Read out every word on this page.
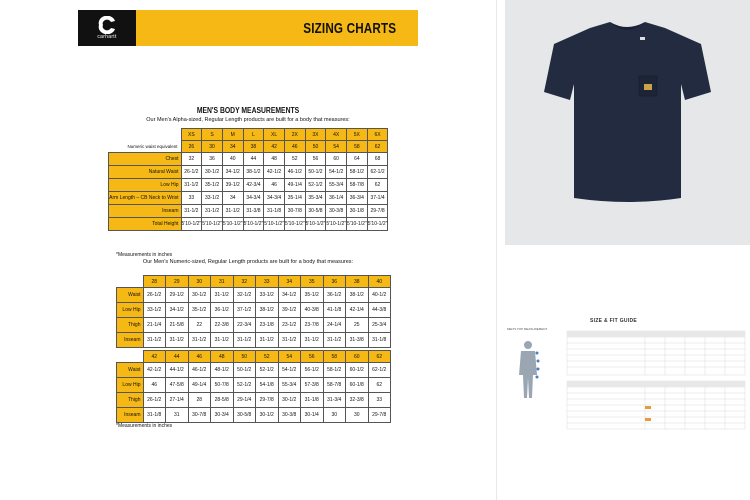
carhartt
SIZING CHARTS
MEN'S BODY MEASUREMENTS
Our Men's Alpha-sized, Regular Length products are built for a body that measures:
	XS	S	M	L	XL	2X	3X	4X	5X	6X
Numeric waist equivalent	26	30	34	38	42	46	50	54	58	62
Chest	32	36	40	44	48	52	56	60	64	68
Natural Waist	26-1/2	30-1/2	34-1/2	38-1/2	42-1/2	46-1/2	50-1/2	54-1/2	58-1/2	62-1/2
Low Hip	31-1/2	35-1/2	39-1/2	42-3/4	46	49-1/4	52-1/2	55-3/4	58-7/8	62
Arm Length – CB Neck to Wrist	33	33-1/2	34	34-3/4	34-3/4	35-1/4	35-3/4	36-1/4	36-3/4	37-1/4
Inseam	31-1/2	31-1/2	31-1/2	31-3/8	31-1/8	30-7/8	30-5/8	30-3/8	30-1/8	29-7/8
Total Height	5'10-1/2"	5'10-1/2"	5'10-1/2"	5'10-1/2"	5'10-1/2"	5'10-1/2"	5'10-1/2"	5'10-1/2"	5'10-1/2"	5'10-1/2"
*Measurements in inches
Our Men's Numeric-sized, Regular Length products are built for a body that measures:
	28	29	30	31	32	33	34	35	36	38	40
Waist	26-1/2	29-1/2	30-1/2	31-1/2	32-1/2	33-1/2	34-1/2	35-1/2	36-1/2	38-1/2	40-1/2
Low Hip	33-1/2	34-1/2	35-1/2	36-1/2	37-1/2	38-1/2	39-1/2	40-3/8	41-1/8	42-1/4	44-3/8
Thigh	21-1/4	21-5/8	22	22-3/8	22-3/4	23-1/8	23-1/2	23-7/8	24-1/4	25	25-3/4
Inseam	31-1/2	31-1/2	31-1/2	31-1/2	31-1/2	31-1/2	31-1/2	31-1/2	31-1/2	31-3/8	31-1/8
	42	44	46	48	50	52	54	56	58	60	62
Waist	42-1/2	44-1/2	46-1/2	48-1/2	50-1/2	52-1/2	54-1/2	56-1/2	58-1/2	60-1/2	62-1/2
Low Hip	46	47-5/8	49-1/4	50-7/8	52-1/2	54-1/8	55-3/4	57-3/8	58-7/8	60-1/8	62
Thigh	26-1/2	27-1/4	28	28-5/8	29-1/4	29-7/8	30-1/2	31-1/8	31-3/4	32-3/8	33
Inseam	31-1/8	31	30-7/8	30-3/4	30-5/8	30-1/2	30-3/8	30-1/4	30	30	29-7/8
*Measurements in inches
MEN'S TOP MEASUREMENT
SIZE & FIT GUIDE
